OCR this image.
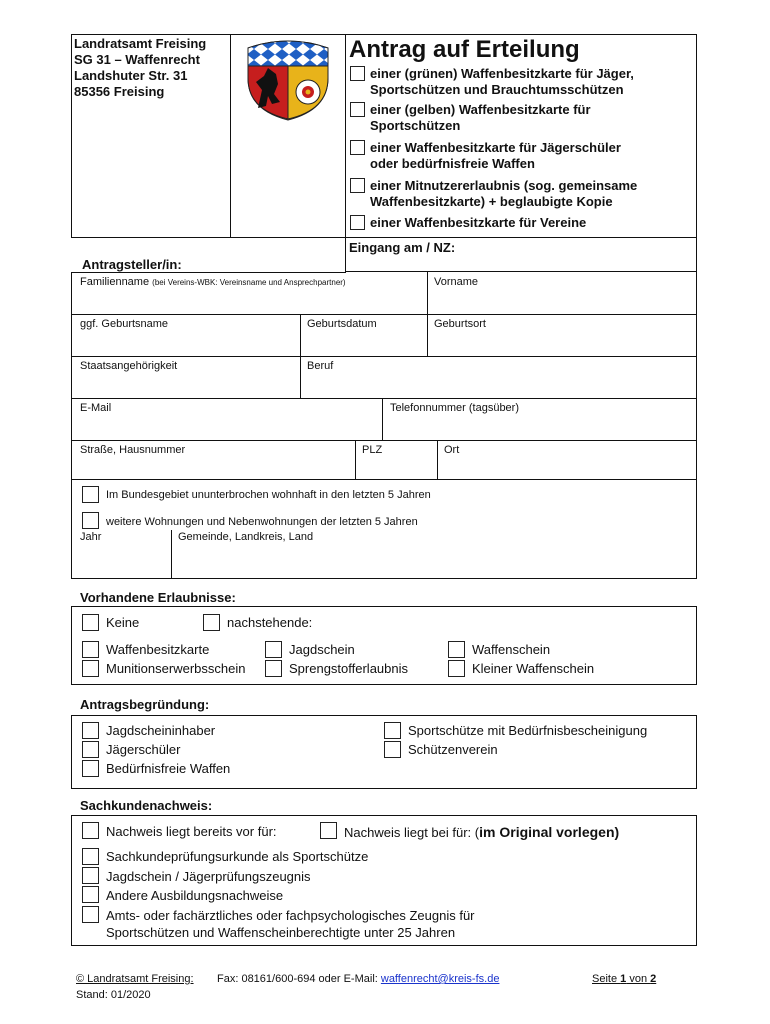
Landratsamt Freising
SG 31 – Waffenrecht
Landshuter Str. 31
85356 Freising
Antrag auf Erteilung
einer (grünen) Waffenbesitzkarte für Jäger,
Sportschützen und Brauchtumsschützen
einer (gelben) Waffenbesitzkarte für
Sportschützen
einer Waffenbesitzkarte für Jägerschüler
oder bedürfnisfreie Waffen
einer Mitnutzererlaubnis (sog. gemeinsame
Waffenbesitzkarte) + beglaubigte Kopie
einer Waffenbesitzkarte für Vereine
Eingang am / NZ:
Antragsteller/in:
Familienname (bei Vereins-WBK: Vereinsname und Ansprechpartner)	Vorname
ggf. Geburtsname	Geburtsdatum	Geburtsort
Staatsangehörigkeit	Beruf
E-Mail	Telefonnummer (tagsüber)
Straße, Hausnummer	PLZ	Ort
Im Bundesgebiet ununterbrochen wohnhaft in den letzten 5 Jahren
weitere Wohnungen und Nebenwohnungen der letzten 5 Jahren
Jahr	Gemeinde, Landkreis, Land
Vorhandene Erlaubnisse:
Keine	nachstehende:
Waffenbesitzkarte	Jagdschein	Waffenschein
Munitionserwerbsschein	Sprengstofferlaubnis	Kleiner Waffenschein
Antragsbegründung:
Jagdscheininhaber
Jägerschüler
Bedürfnisfreie Waffen
Sportschütze mit Bedürfnisbescheinigung
Schützenverein
Sachkundenachweis:
Nachweis liegt bereits vor für:	Nachweis liegt bei für: (im Original vorlegen)
Sachkundeprüfungsurkunde als Sportschütze
Jagdschein / Jägerprüfungszeugnis
Andere Ausbildungsnachweise
Amts- oder fachärztliches oder fachpsychologisches Zeugnis für
Sportschützen und Waffenscheinberechtigte unter 25 Jahren
© Landratsamt Freising: Fax: 08161/600-694 oder E-Mail: waffenrecht@kreis-fs.de	Seite 1 von 2
Stand: 01/2020
